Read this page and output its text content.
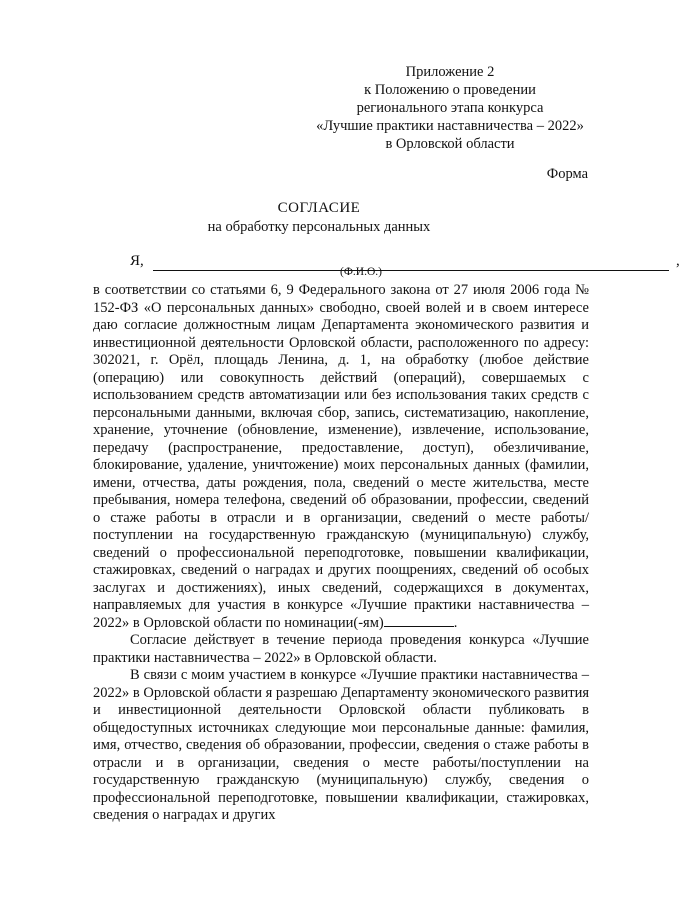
Приложение 2
к Положению о проведении
регионального этапа конкурса
«Лучшие практики наставничества – 2022»
в Орловской области
Форма
СОГЛАСИЕ
на обработку персональных данных
Я,	,
(Ф.И.О.)

в соответствии со статьями 6, 9 Федерального закона от 27 июля 2006 года № 152-ФЗ «О персональных данных» свободно, своей волей и в своем интересе даю согласие должностным лицам Департамента экономического развития и инвестиционной деятельности Орловской области, расположенного по адресу: 302021, г. Орёл, площадь Ленина, д. 1, на обработку (любое действие (операцию) или совокупность действий (операций), совершаемых с использованием средств автоматизации или без использования таких средств с персональными данными, включая сбор, запись, систематизацию, накопление, хранение, уточнение (обновление, изменение), извлечение, использование, передачу (распространение, предоставление, доступ), обезличивание, блокирование, удаление, уничтожение) моих персональных данных (фамилии, имени, отчества, даты рождения, пола, сведений о месте жительства, месте пребывания, номера телефона, сведений об образовании, профессии, сведений о стаже работы в отрасли и в организации, сведений о месте работы/поступлении на государственную гражданскую (муниципальную) службу, сведений о профессиональной переподготовке, повышении квалификации, стажировках, сведений о наградах и других поощрениях, сведений об особых заслугах и достижениях), иных сведений, содержащихся в документах, направляемых для участия в конкурсе «Лучшие практики наставничества – 2022» в Орловской области по номинации(-ям)	.

Согласие действует в течение периода проведения конкурса «Лучшие практики наставничества – 2022» в Орловской области.

В связи с моим участием в конкурсе «Лучшие практики наставничества – 2022» в Орловской области я разрешаю Департаменту экономического развития и инвестиционной деятельности Орловской области публиковать в общедоступных источниках следующие мои персональные данные: фамилия, имя, отчество, сведения об образовании, профессии, сведения о стаже работы в отрасли и в организации, сведения о месте работы/поступлении на государственную гражданскую (муниципальную) службу, сведения о профессиональной переподготовке, повышении квалификации, стажировках, сведения о наградах и других
